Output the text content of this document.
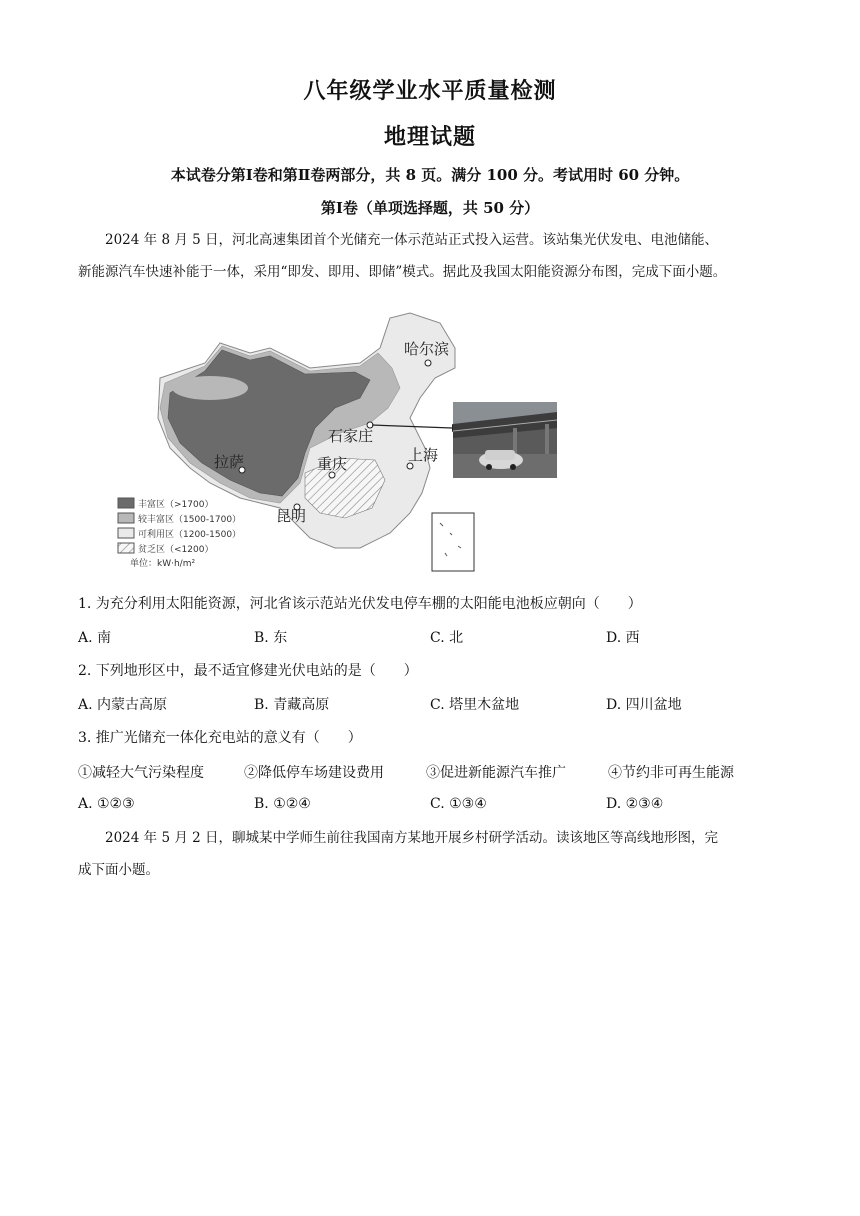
八年级学业水平质量检测
地理试题
本试卷分第Ⅰ卷和第Ⅱ卷两部分，共 8 页。满分 100 分。考试用时 60 分钟。
第Ⅰ卷（单项选择题，共 50 分）
2024 年 8 月 5 日，河北高速集团首个光储充一体示范站正式投入运营。该站集光伏发电、电池储能、
新能源汽车快速补能于一体，采用“即发、即用、即储”模式。据此及我国太阳能资源分布图，完成下面小题。
哈尔滨
石家庄
上海
拉萨	重庆
昆明
丰富区（>1700）
较丰富区（1500-1700）
可利用区（1200-1500）
贫乏区（<1200）
单位：kW·h/m²
1. 为充分利用太阳能资源，河北省该示范站光伏发电停车棚的太阳能电池板应朝向（　　）
A. 南	B. 东	C. 北	D. 西
2. 下列地形区中，最不适宜修建光伏电站的是（　　）
A. 内蒙古高原	B. 青藏高原	C. 塔里木盆地	D. 四川盆地
3. 推广光储充一体化充电站的意义有（　　）
①减轻大气污染程度	②降低停车场建设费用	③促进新能源汽车推广	④节约非可再生能源
A. ①②③	B. ①②④	C. ①③④	D. ②③④
2024 年 5 月 2 日，聊城某中学师生前往我国南方某地开展乡村研学活动。读该地区等高线地形图，完
成下面小题。
